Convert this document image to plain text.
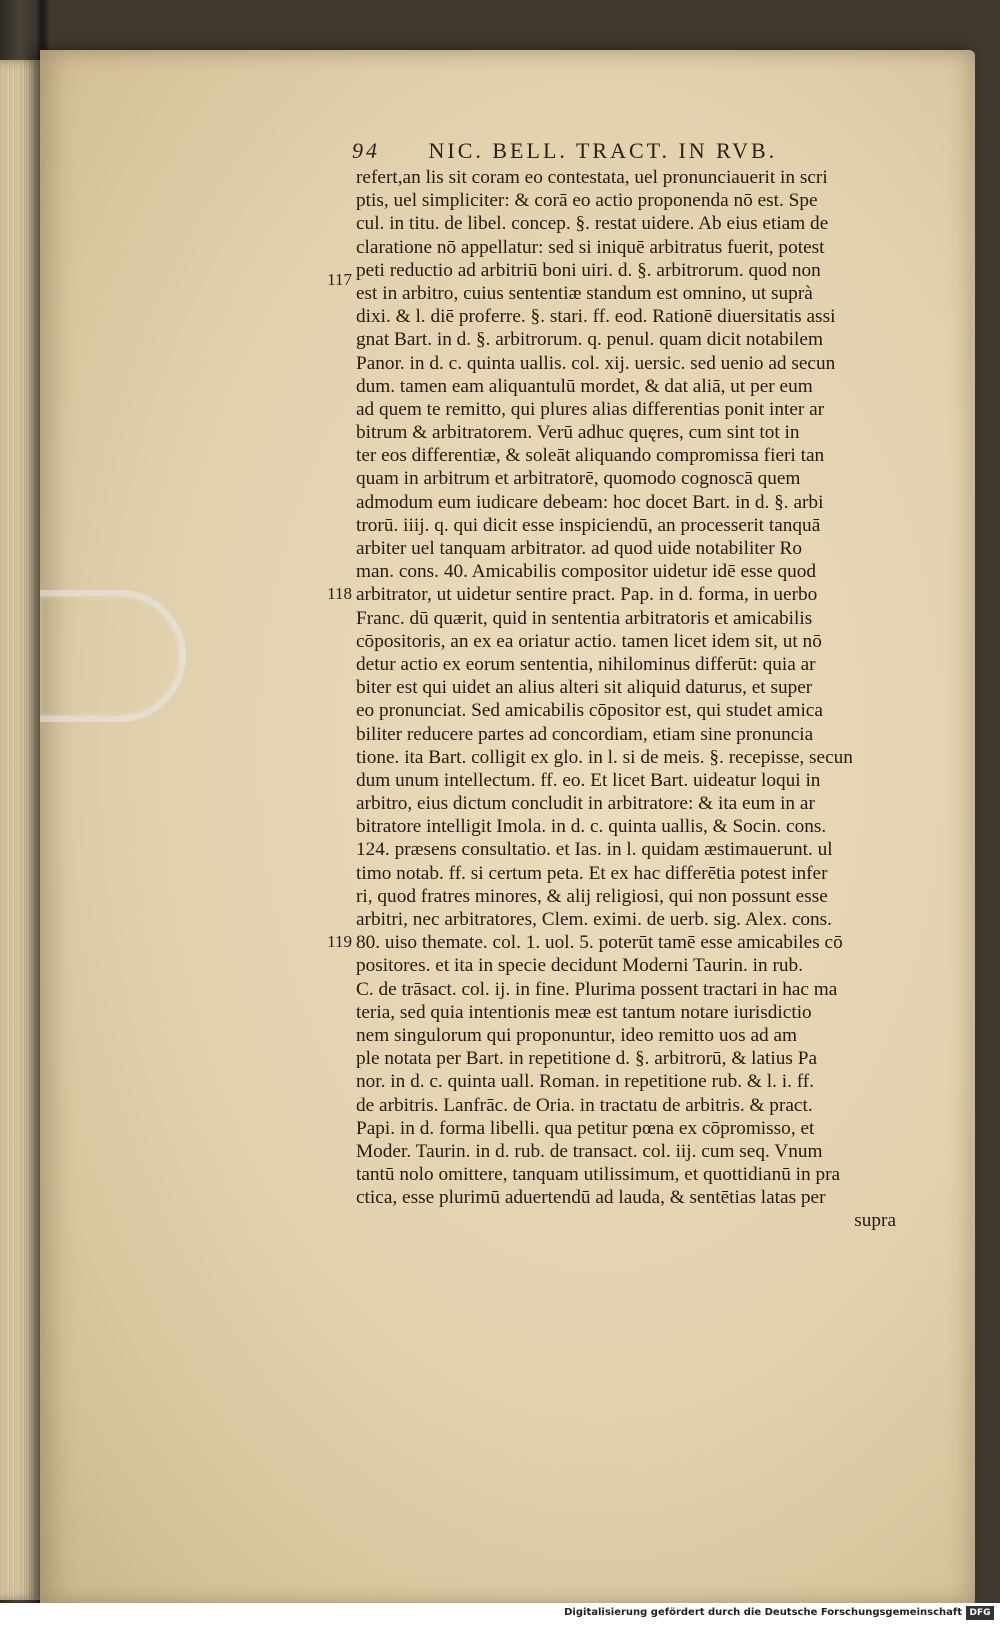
94 NIC. BELL. TRACT. IN RVB.
117
118
119
refert,an lis sit coram eo contestata, uel pronunciauerit in scri
ptis, uel simpliciter: & corā eo actio proponenda nō est. Spe
cul. in titu. de libel. concep. §. restat uidere. Ab eius etiam de
claratione nō appellatur: sed si iniquē arbitratus fuerit, potest
peti reductio ad arbitriū boni uiri. d. §. arbitrorum. quod non
est in arbitro, cuius sententiæ standum est omnino, ut suprà
dixi. & l. diē proferre. §. stari. ff. eod. Rationē diuersitatis assi
gnat Bart. in d. §. arbitrorum. q. penul. quam dicit notabilem
Panor. in d. c. quinta uallis. col. xij. uersic. sed uenio ad secun
dum. tamen eam aliquantulū mordet, & dat aliā, ut per eum
ad quem te remitto, qui plures alias differentias ponit inter ar
bitrum & arbitratorem. Verū adhuc quęres, cum sint tot in
ter eos differentiæ, & soleāt aliquando compromissa fieri tan
quam in arbitrum et arbitratorē, quomodo cognoscā quem
admodum eum iudicare debeam: hoc docet Bart. in d. §. arbi
trorū. iiij. q. qui dicit esse inspiciendū, an processerit tanquā
arbiter uel tanquam arbitrator. ad quod uide notabiliter Ro
man. cons. 40. Amicabilis compositor uidetur idē esse quod
arbitrator, ut uidetur sentire pract. Pap. in d. forma, in uerbo
Franc. dū quærit, quid in sententia arbitratoris et amicabilis
cōpositoris, an ex ea oriatur actio. tamen licet idem sit, ut nō
detur actio ex eorum sententia, nihilominus differūt: quia ar
biter est qui uidet an alius alteri sit aliquid daturus, et super
eo pronunciat. Sed amicabilis cōpositor est, qui studet amica
biliter reducere partes ad concordiam, etiam sine pronuncia
tione. ita Bart. colligit ex glo. in l. si de meis. §. recepisse, secun
dum unum intellectum. ff. eo. Et licet Bart. uideatur loqui in
arbitro, eius dictum concludit in arbitratore: & ita eum in ar
bitratore intelligit Imola. in d. c. quinta uallis, & Socin. cons.
124. præsens consultatio. et Ias. in l. quidam æstimauerunt. ul
timo notab. ff. si certum peta. Et ex hac differētia potest infer
ri, quod fratres minores, & alij religiosi, qui non possunt esse
arbitri, nec arbitratores, Clem. eximi. de uerb. sig. Alex. cons.
80. uiso themate. col. 1. uol. 5. poterūt tamē esse amicabiles cō
positores. et ita in specie decidunt Moderni Taurin. in rub.
C. de trāsact. col. ij. in fine. Plurima possent tractari in hac ma
teria, sed quia intentionis meæ est tantum notare iurisdictio
nem singulorum qui proponuntur, ideo remitto uos ad am
ple notata per Bart. in repetitione d. §. arbitrorū, & latius Pa
nor. in d. c. quinta uall. Roman. in repetitione rub. & l. i. ff.
de arbitris. Lanfrāc. de Oria. in tractatu de arbitris. & pract.
Papi. in d. forma libelli. qua petitur pœna ex cōpromisso, et
Moder. Taurin. in d. rub. de transact. col. iij. cum seq. Vnum
tantū nolo omittere, tanquam utilissimum, et quottidianū in pra
ctica, esse plurimū aduertendū ad lauda, & sentētias latas per
supra
Digitalisierung gefördert durch die Deutsche Forschungsgemeinschaft DFG
